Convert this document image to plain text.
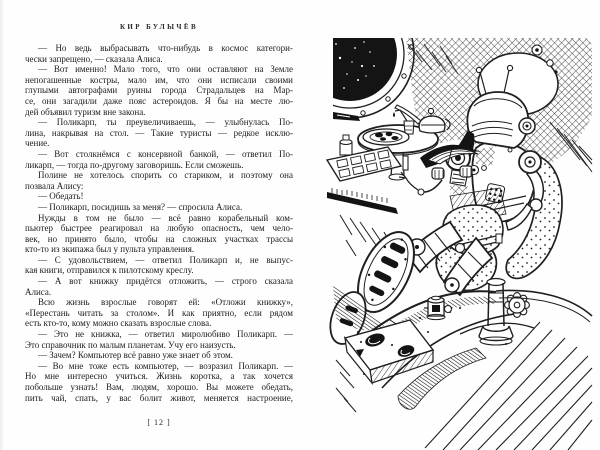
КИР БУЛЫЧЁВ
— Но ведь выбрасывать что-нибудь в космос категори-
чески запрещено, — сказала Алиса.
— Вот именно! Мало того, что они оставляют на Земле
непогашенные костры, мало им, что они исписали своими
глупыми автографами руины города Страдальцев на Мар-
се, они загадили даже пояс астероидов. Я бы на месте лю-
дей объявил туризм вне закона.
— Поликарп, ты преувеличиваешь, — улыбнулась По-
лина, накрывая на стол. — Такие туристы — редкое исклю-
чение.
— Вот столкнёмся с консервной банкой, — ответил По-
ликарп, — тогда по-другому заговоришь. Если сможешь.
Полине не хотелось спорить со стариком, и поэтому она
позвала Алису:
— Обедать!
— Поликарп, посидишь за меня? — спросила Алиса.
Нужды в том не было — всё равно корабельный ком-
пьютер быстрее реагировал на любую опасность, чем чело-
век, но принято было, чтобы на сложных участках трассы
кто-то из экипажа был у пульта управления.
— С удовольствием, — ответил Поликарп и, не выпус-
кая книги, отправился к пилотскому креслу.
— А вот книжку придётся отложить, — строго сказала
Алиса.
Всю жизнь взрослые говорят ей: «Отложи книжку»,
«Перестань читать за столом». И как приятно, если рядом
есть кто-то, кому можно сказать взрослые слова.
— Это не книжка, — ответил миролюбиво Поликарп. —
Это справочник по малым планетам. Учу его наизусть.
— Зачем? Компьютер всё равно уже знает об этом.
— Во мне тоже есть компьютер, — возразил Поликарп. —
Но мне интересно учиться. Жизнь коротка, а так хочется
побольше узнать! Вам, людям, хорошо. Вы можете обедать,
пить чай, спать, у вас болит живот, меняется настроение,
[ 12 ]
